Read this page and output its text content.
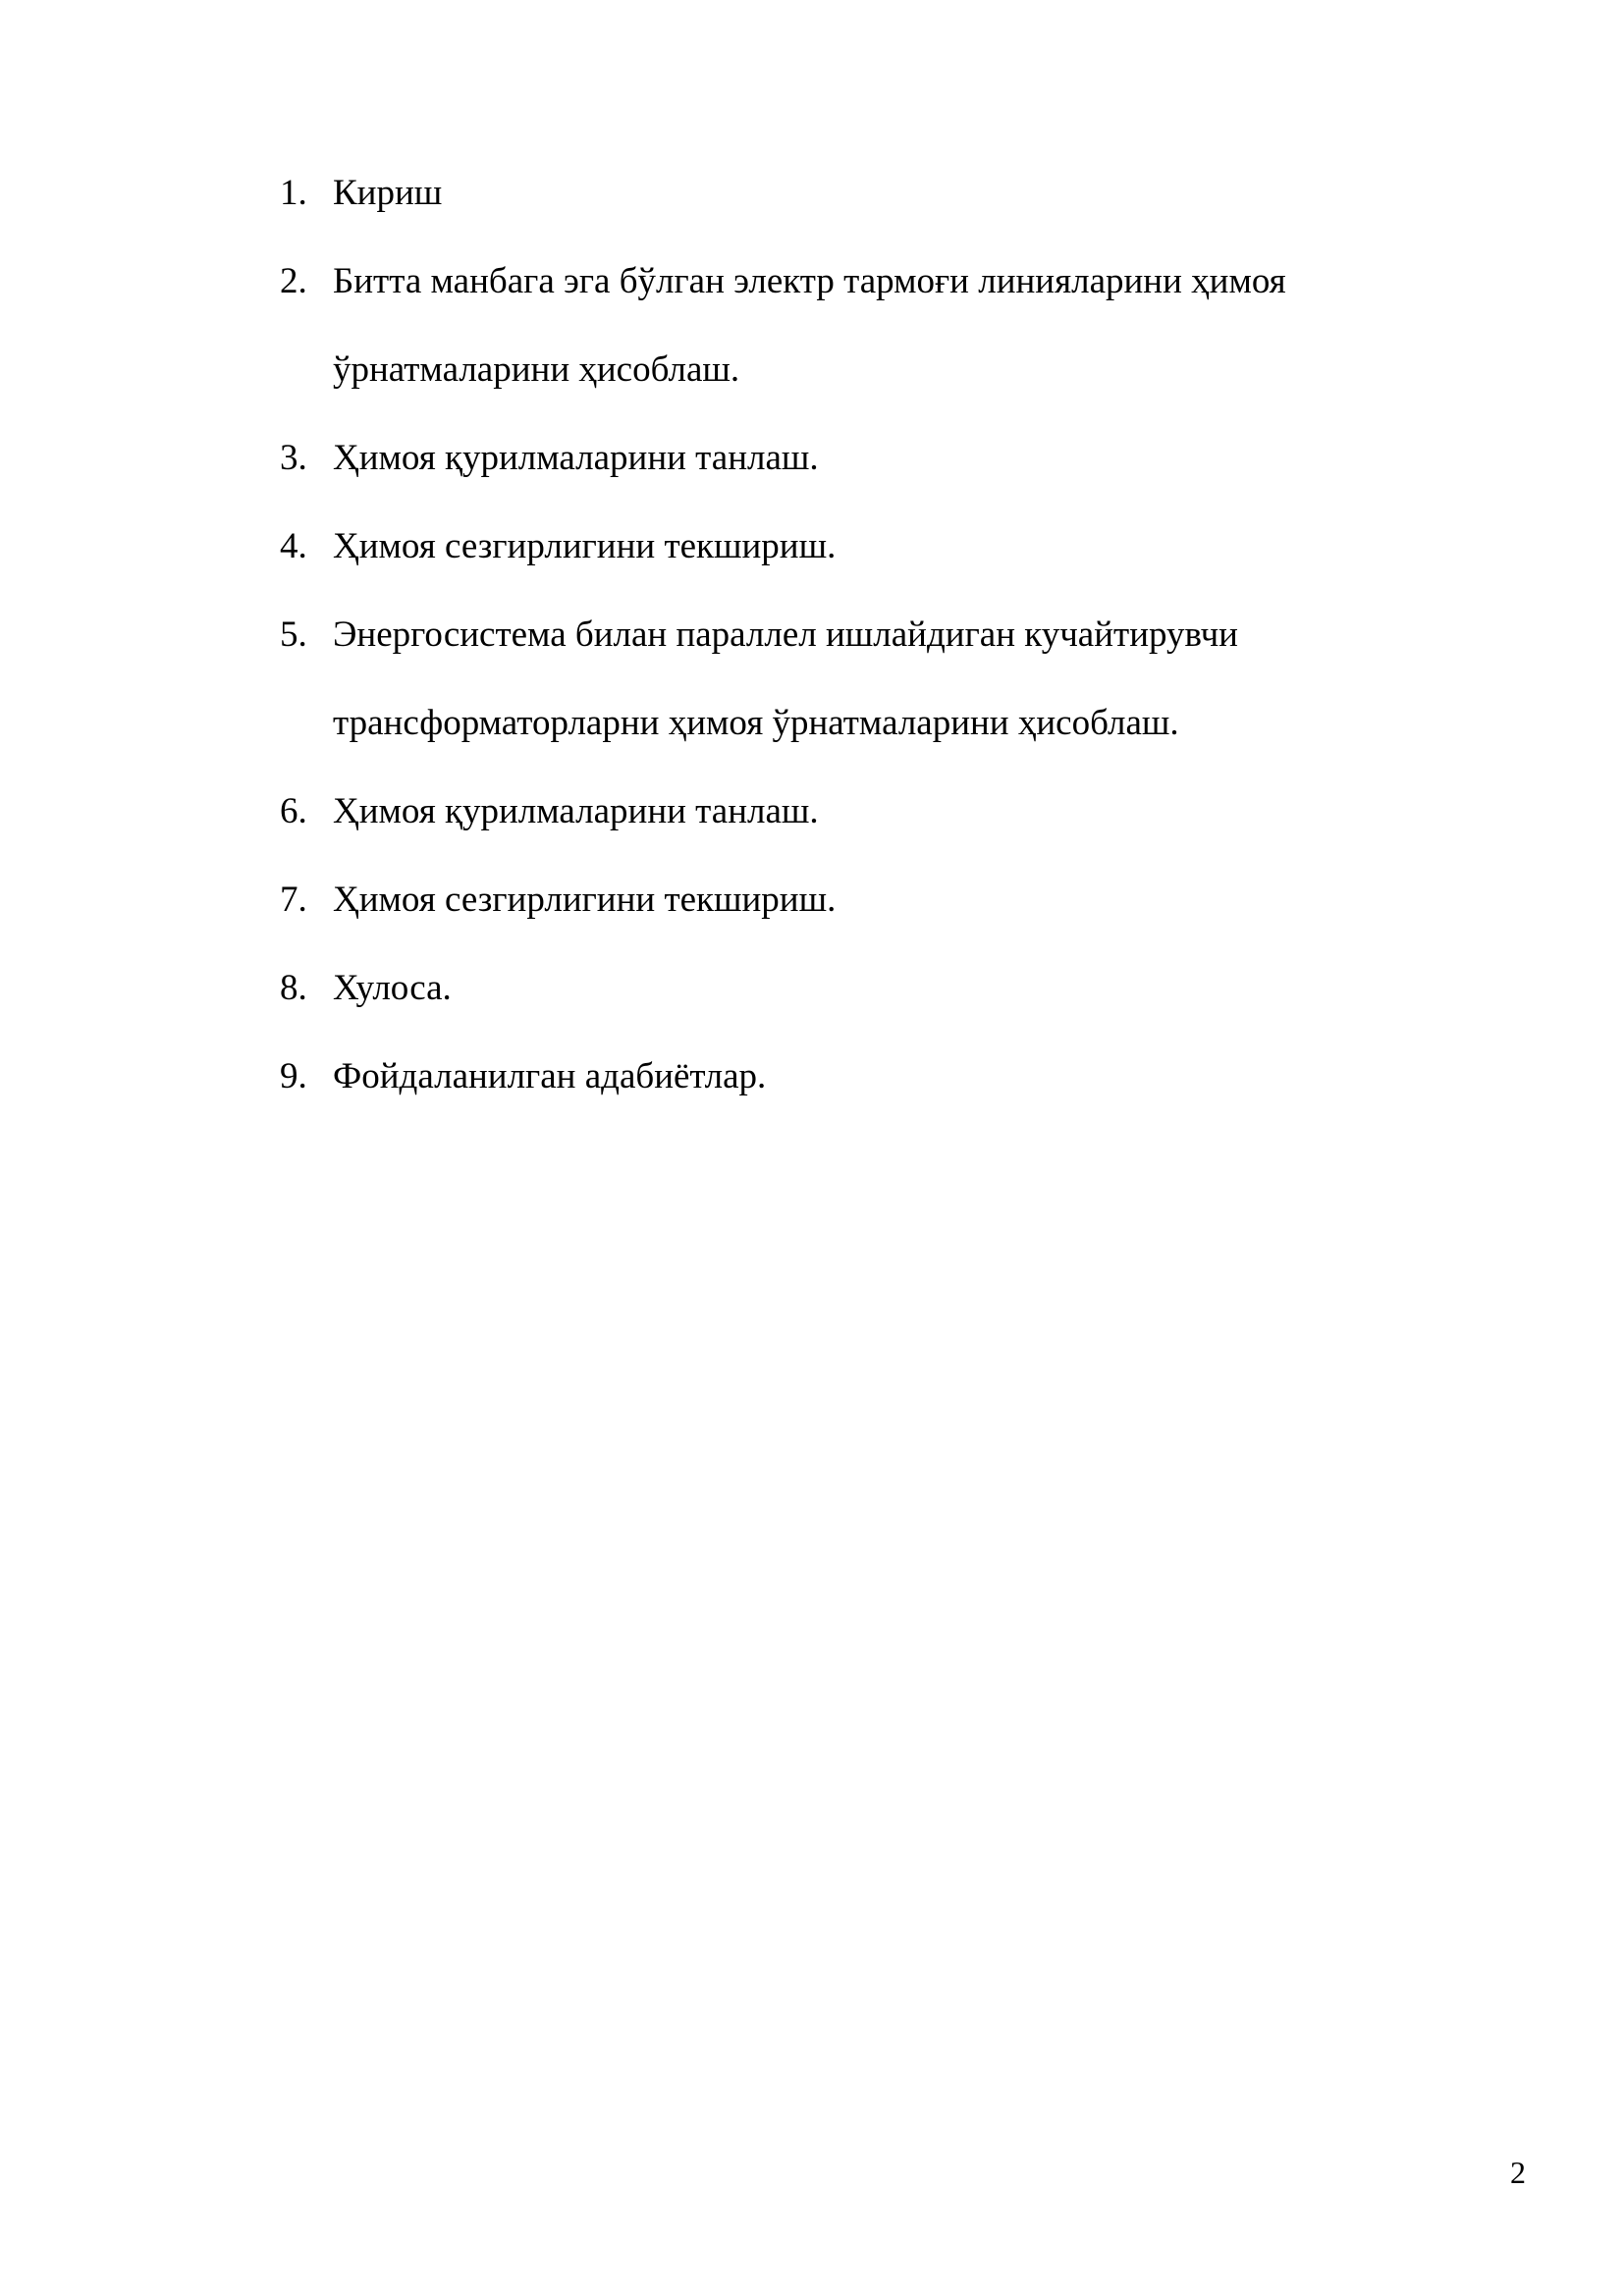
1. Кириш
2. Битта манбага эга бўлган электр тармоғи линияларини ҳимоя
ўрнатмаларини ҳисоблаш.
3. Ҳимоя қурилмаларини танлаш.
4. Ҳимоя сезгирлигини текшириш.
5. Энергосистема билан параллел ишлайдиган кучайтирувчи
трансформаторларни ҳимоя ўрнатмаларини ҳисоблаш.
6. Ҳимоя қурилмаларини танлаш.
7. Ҳимоя сезгирлигини текшириш.
8. Хулоса.
9. Фойдаланилган адабиётлар.
2
